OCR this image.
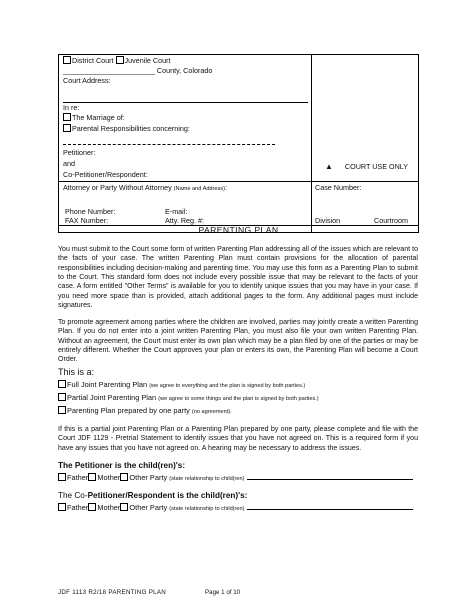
District Court Juvenile Court
_______________________ County, Colorado
Court Address:
In re:
The Marriage of:
Parental Responsibilities concerning:
Petitioner:
and
Co-Petitioner/Respondent:
Attorney or Party Without Attorney (Name and Address):
Phone Number:	E-mail:
FAX Number:	Atty. Reg. #:
▲ COURT USE ONLY
Case Number:
Division	Courtroom
PARENTING PLAN
You must submit to the Court some form of written Parenting Plan addressing all of the issues which are relevant to the facts of your case. The written Parenting Plan must contain provisions for the allocation of parental responsibilities including decision-making and parenting time. You may use this form as a Parenting Plan to submit to the Court. This standard form does not include every possible issue that may be relevant to the facts of your case. A form entitled "Other Terms" is available for you to identify unique issues that you may have in your case. If you need more space than is provided, attach additional pages to the form. Any additional pages must include signatures.
To promote agreement among parties where the children are involved, parties may jointly create a written Parenting Plan. If you do not enter into a joint written Parenting Plan, you must also file your own written Parenting Plan. Without an agreement, the Court must enter its own plan which may be a plan filed by one of the parties or may be entirely different. Whether the Court approves your plan or enters its own, the Parenting Plan will become a Court Order.
This is a:
Full Joint Parenting Plan (we agree to everything and the plan is signed by both parties.)
Partial Joint Parenting Plan (we agree to some things and the plan is signed by both parties.)
Parenting Plan prepared by one party (no agreement).
If this is a partial joint Parenting Plan or a Parenting Plan prepared by one party, please complete and file with the Court JDF 1129 - Pretrial Statement to identify issues that you have not agreed on. This is a required form if you have any issues that you have not agreed on. A hearing may be necessary to address the issues.
The Petitioner is the child(ren)'s:
Father Mother Other Party (state relationship to child(ren)
The Co-Petitioner/Respondent is the child(ren)'s:
Father Mother Other Party (state relationship to child(ren)
JDF 1113 R2/18 PARENTING PLAN	Page 1 of 10
